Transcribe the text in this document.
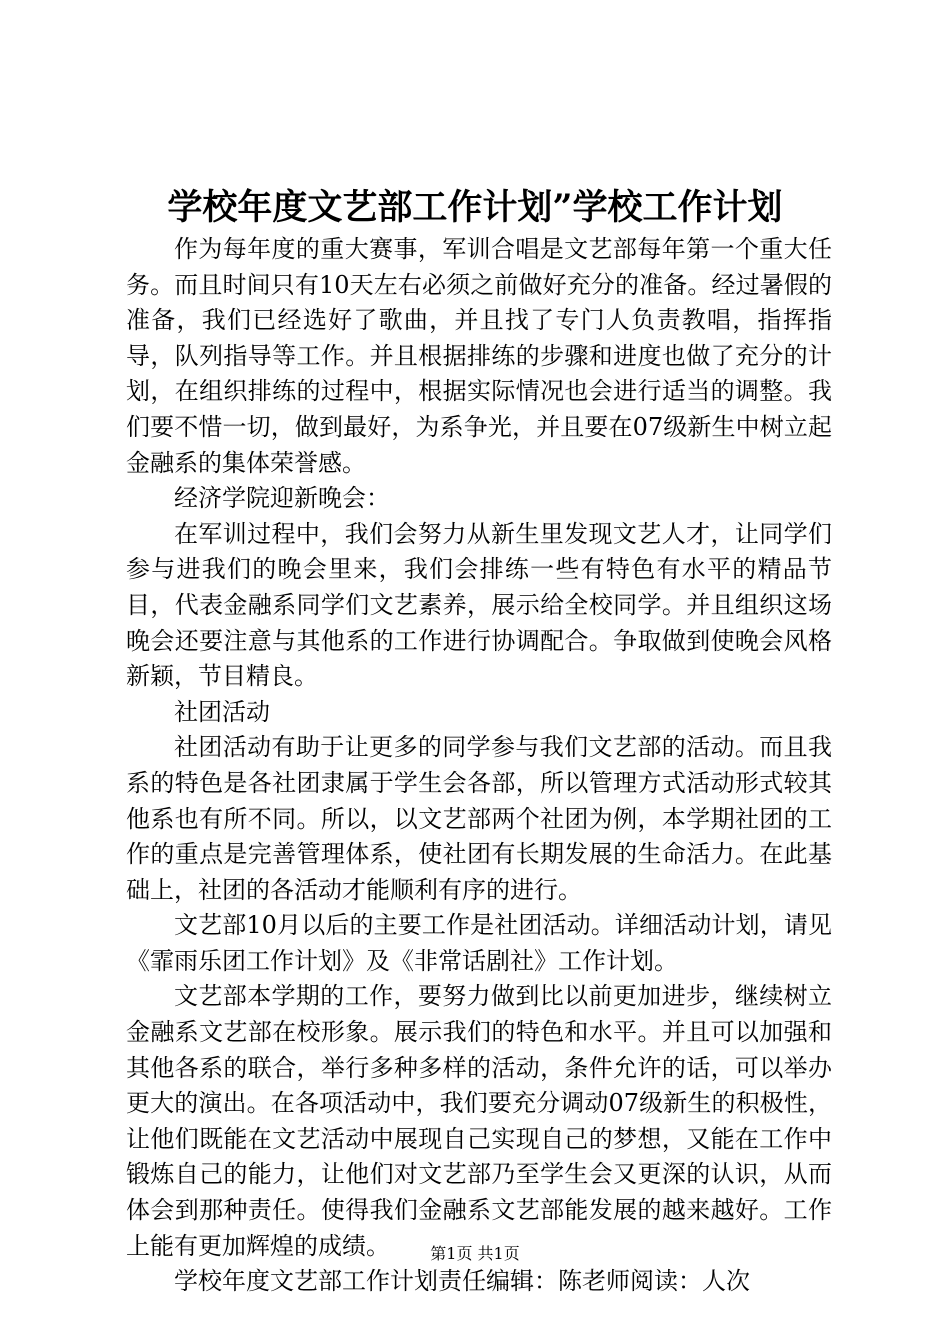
学校年度文艺部工作计划”学校工作计划

作为每年度的重大赛事，军训合唱是文艺部每年第一个重大任务。而且时间只有10天左右必须之前做好充分的准备。经过暑假的准备，我们已经选好了歌曲，并且找了专门人负责教唱，指挥指导，队列指导等工作。并且根据排练的步骤和进度也做了充分的计划，在组织排练的过程中，根据实际情况也会进行适当的调整。我们要不惜一切，做到最好，为系争光，并且要在07级新生中树立起金融系的集体荣誉感。

经济学院迎新晚会：

在军训过程中，我们会努力从新生里发现文艺人才，让同学们参与进我们的晚会里来，我们会排练一些有特色有水平的精品节目，代表金融系同学们文艺素养，展示给全校同学。并且组织这场晚会还要注意与其他系的工作进行协调配合。争取做到使晚会风格新颖，节目精良。

社团活动

社团活动有助于让更多的同学参与我们文艺部的活动。而且我系的特色是各社团隶属于学生会各部，所以管理方式活动形式较其他系也有所不同。所以，以文艺部两个社团为例，本学期社团的工作的重点是完善管理体系，使社团有长期发展的生命活力。在此基础上，社团的各活动才能顺利有序的进行。

文艺部10月以后的主要工作是社团活动。详细活动计划，请见《霏雨乐团工作计划》及《非常话剧社》工作计划。

文艺部本学期的工作，要努力做到比以前更加进步，继续树立金融系文艺部在校形象。展示我们的特色和水平。并且可以加强和其他各系的联合，举行多种多样的活动，条件允许的话，可以举办更大的演出。在各项活动中，我们要充分调动07级新生的积极性，让他们既能在文艺活动中展现自己实现自己的梦想，又能在工作中锻炼自己的能力，让他们对文艺部乃至学生会又更深的认识，从而体会到那种责任。使得我们金融系文艺部能发展的越来越好。工作上能有更加辉煌的成绩。

学校年度文艺部工作计划责任编辑：陈老师阅读：人次

第1页 共1页
